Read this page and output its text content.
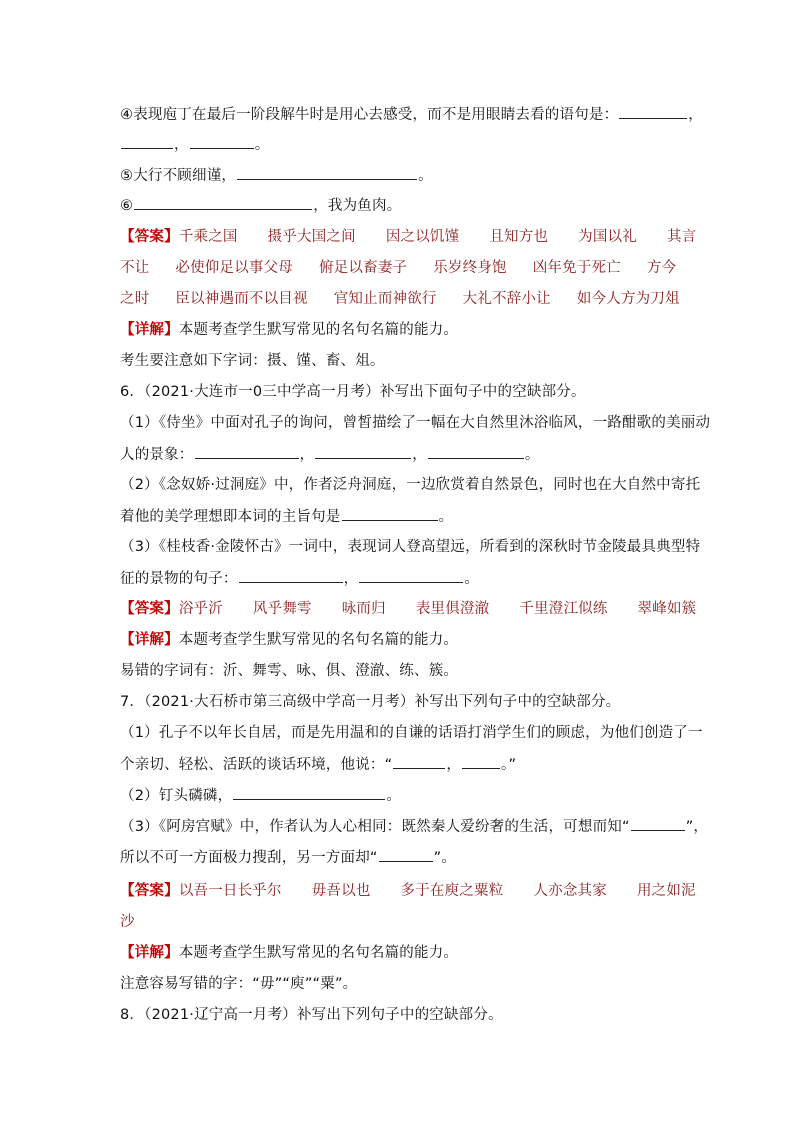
④表现庖丁在最后一阶段解牛时是用心去感受，而不是用眼睛去看的语句是：	，
，	。
⑤大行不顾细谨，	。
⑥	，我为鱼肉。
【答案】千乘之国 摄乎大国之间 因之以饥馑 且知方也 为国以礼 其言
不让 必使仰足以事父母 俯足以畜妻子 乐岁终身饱 凶年免于死亡 方今
之时 臣以神遇而不以目视 官知止而神欲行 大礼不辞小让 如今人方为刀俎
【详解】本题考查学生默写常见的名句名篇的能力。
考生要注意如下字词：摄、馑、畜、俎。
6．（2021·大连市一0三中学高一月考）补写出下面句子中的空缺部分。
（1）《侍坐》中面对孔子的询问，曾皙描绘了一幅在大自然里沐浴临风，一路酣歌的美丽动
人的景象：	，	，	。
（2）《念奴娇·过洞庭》中，作者泛舟洞庭，一边欣赏着自然景色，同时也在大自然中寄托
着他的美学理想即本词的主旨句是	。
（3）《桂枝香·金陵怀古》一词中，表现词人登高望远，所看到的深秋时节金陵最具典型特
征的景物的句子：	，	。
【答案】浴乎沂 风乎舞雩 咏而归 表里俱澄澈 千里澄江似练 翠峰如簇
【详解】本题考查学生默写常见的名句名篇的能力。
易错的字词有：沂、舞雩、咏、俱、澄澈、练、簇。
7．（2021·大石桥市第三高级中学高一月考）补写出下列句子中的空缺部分。
（1）孔子不以年长自居，而是先用温和的自谦的话语打消学生们的顾虑，为他们创造了一
个亲切、轻松、活跃的谈话环境，他说：“	，	。”
（2）钉头磷磷，	。
（3）《阿房宫赋》中，作者认为人心相同：既然秦人爱纷奢的生活，可想而知“	”，
所以不可一方面极力搜刮，另一方面却“	”。
【答案】以吾一日长乎尔 毋吾以也 多于在庾之粟粒 人亦念其家 用之如泥
沙
【详解】本题考查学生默写常见的名句名篇的能力。
注意容易写错的字：“毋”“庾”“粟”。
8．（2021·辽宁高一月考）补写出下列句子中的空缺部分。
